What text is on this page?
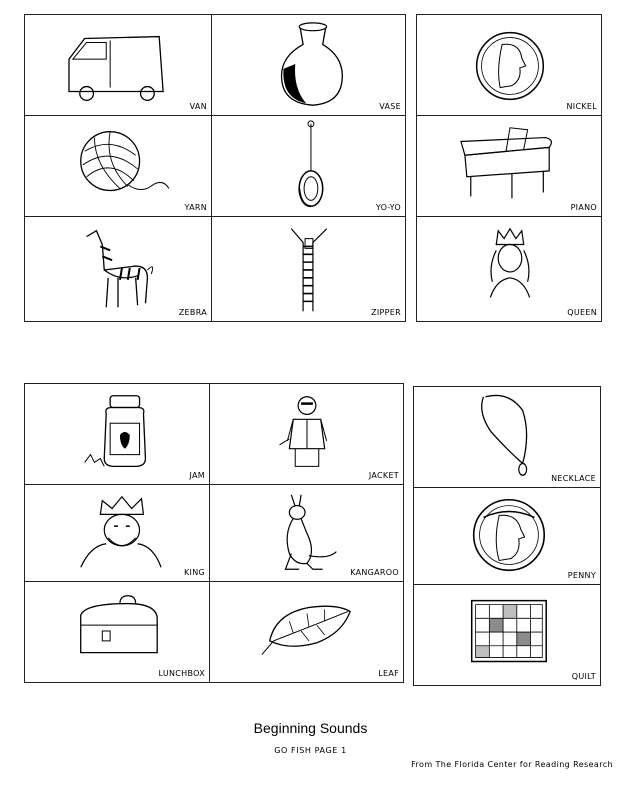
VAN	VASE	NICKEL
YARN	YO-YO	PIANO
ZEBRA	ZIPPER	QUEEN
JAM	JACKET	NECKLACE
KING	KANGAROO	PENNY
LUNCHBOX	LEAF	QUILT
Beginning Sounds
GO FISH PAGE 1
From The Florida Center for Reading Research
